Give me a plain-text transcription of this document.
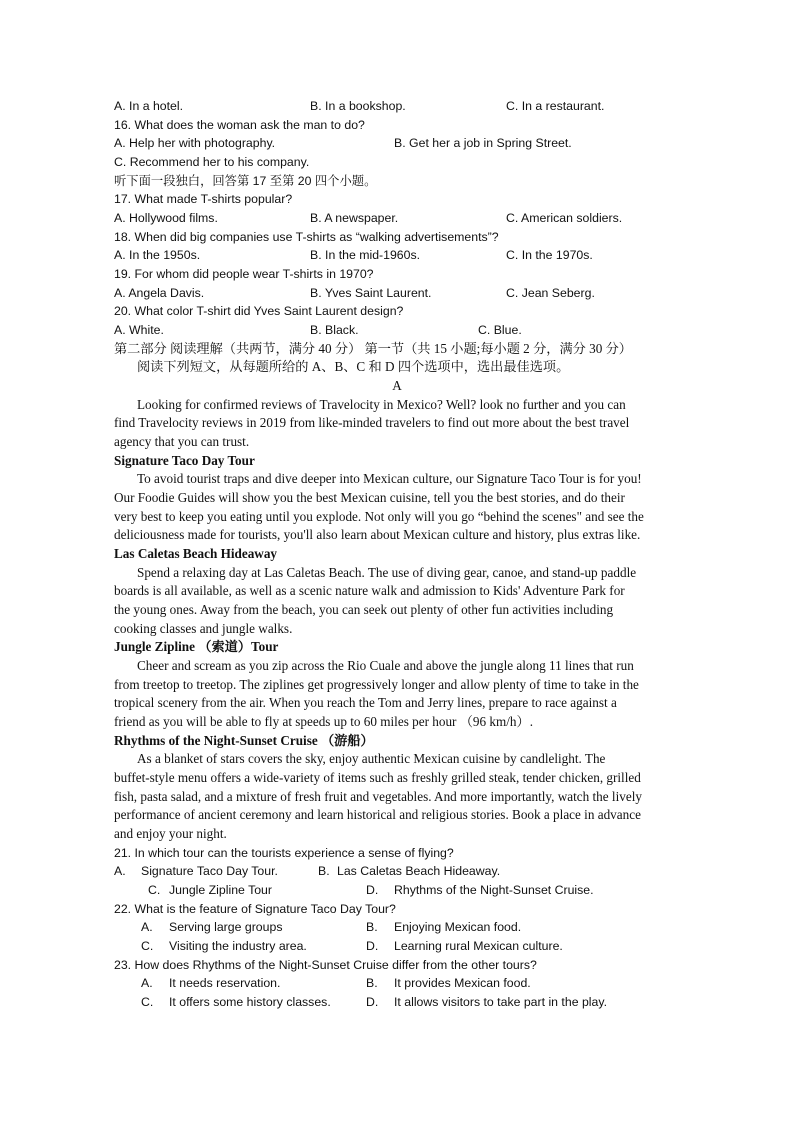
A. In a hotel.	B. In a bookshop.	C. In a restaurant.
16. What does the woman ask the man to do?
A. Help her with photography.	B. Get her a job in Spring Street.
C. Recommend her to his company.
听下面一段独白，回答第 17 至第 20 四个小题。
17. What made T-shirts popular?
A. Hollywood films.	B. A newspaper.	C. American soldiers.
18. When did big companies use T-shirts as “walking advertisements”?
A. In the 1950s.	B. In the mid-1960s.	C. In the 1970s.
19. For whom did people wear T-shirts in 1970?
A. Angela Davis.	B. Yves Saint Laurent.	C. Jean Seberg.
20. What color T-shirt did Yves Saint Laurent design?
A. White.	B. Black.	C. Blue.
第二部分 阅读理解（共两节，满分 40 分） 第一节（共 15 小题;每小题 2 分，满分 30 分）
阅读下列短文，从每题所给的 A、B、C 和 D 四个选项中，选出最佳选项。
A
Looking for confirmed reviews of Travelocity in Mexico? Well? look no further and you can
find Travelocity reviews in 2019 from like-minded travelers to find out more about the best travel
agency that you can trust.
Signature Taco Day Tour
To avoid tourist traps and dive deeper into Mexican culture, our Signature Taco Tour is for you!
Our Foodie Guides will show you the best Mexican cuisine, tell you the best stories, and do their
very best to keep you eating until you explode. Not only will you go “behind the scenes" and see the
deliciousness made for tourists, you'll also learn about Mexican culture and history, plus extras like.
Las Caletas Beach Hideaway
Spend a relaxing day at Las Caletas Beach. The use of diving gear, canoe, and stand-up paddle
boards is all available, as well as a scenic nature walk and admission to Kids' Adventure Park for
the young ones. Away from the beach, you can seek out plenty of other fun activities including
cooking classes and jungle walks.
Jungle Zipline （索道）Tour
Cheer and scream as you zip across the Rio Cuale and above the jungle along 11 lines that run
from treetop to treetop. The ziplines get progressively longer and allow plenty of time to take in the
tropical scenery from the air. When you reach the Tom and Jerry lines, prepare to race against a
friend as you will be able to fly at speeds up to 60 miles per hour （96 km/h）.
Rhythms of the Night-Sunset Cruise （游船）
As a blanket of stars covers the sky, enjoy authentic Mexican cuisine by candlelight. The
buffet-style menu offers a wide-variety of items such as freshly grilled steak, tender chicken, grilled
fish, pasta salad, and a mixture of fresh fruit and vegetables. And more importantly, watch the lively
performance of ancient ceremony and learn historical and religious stories. Book a place in advance
and enjoy your night.
21. In which tour can the tourists experience a sense of flying?
A. Signature Taco Day Tour.	B. Las Caletas Beach Hideaway.
C. Jungle Zipline Tour	D. Rhythms of the Night-Sunset Cruise.
22. What is the feature of Signature Taco Day Tour?
A. Serving large groups	B. Enjoying Mexican food.
C. Visiting the industry area.	D. Learning rural Mexican culture.
23. How does Rhythms of the Night-Sunset Cruise differ from the other tours?
A. It needs reservation.	B. It provides Mexican food.
C. It offers some history classes.	D. It allows visitors to take part in the play.
